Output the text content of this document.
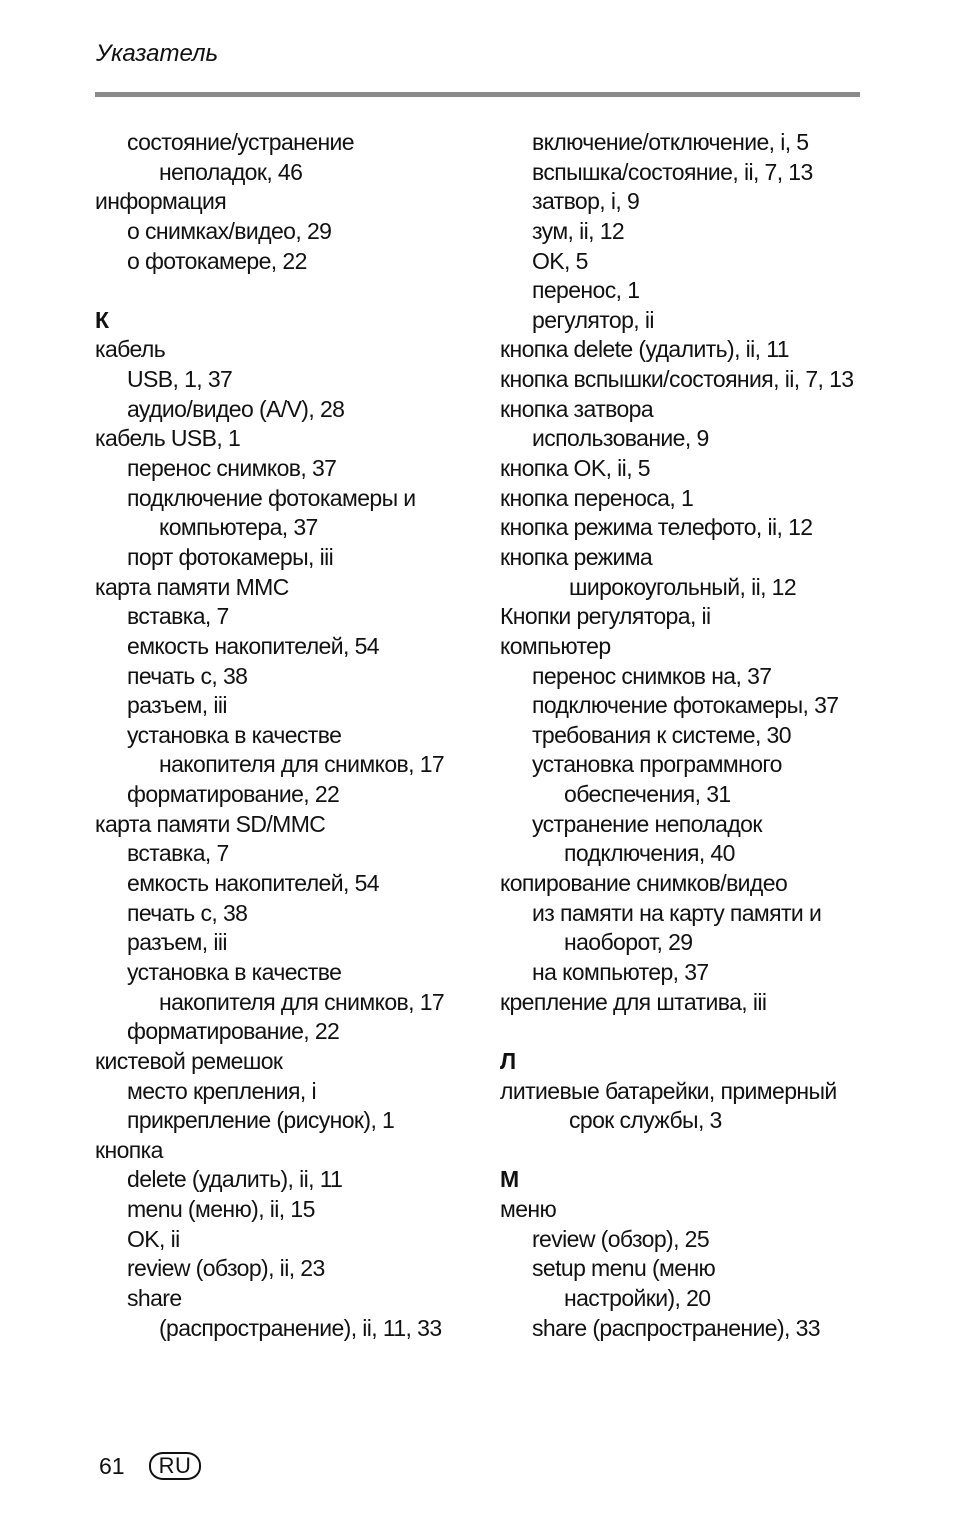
Указатель
состояние/устранение
неполадок, 46
информация
о снимках/видео, 29
о фотокамере, 22
К
кабель
USB, 1, 37
аудио/видео (A/V), 28
кабель USB, 1
перенос снимков, 37
подключение фотокамеры и
компьютера, 37
порт фотокамеры, iii
карта памяти MMC
вставка, 7
емкость накопителей, 54
печать с, 38
разъем, iii
установка в качестве
накопителя для снимков, 17
форматирование, 22
карта памяти SD/MMC
вставка, 7
емкость накопителей, 54
печать с, 38
разъем, iii
установка в качестве
накопителя для снимков, 17
форматирование, 22
кистевой ремешок
место крепления, i
прикрепление (рисунок), 1
кнопка
delete (удалить), ii, 11
menu (меню), ii, 15
OK, ii
review (обзор), ii, 23
share
(распространение), ii, 11, 33
включение/отключение, i, 5
вспышка/состояние, ii, 7, 13
затвор, i, 9
зум, ii, 12
OK, 5
перенос, 1
регулятор, ii
кнопка delete (удалить), ii, 11
кнопка вспышки/состояния, ii, 7, 13
кнопка затвора
использование, 9
кнопка OK, ii, 5
кнопка переноса, 1
кнопка режима телефото, ii, 12
кнопка режима
широкоугольный, ii, 12
Кнопки регулятора, ii
компьютер
перенос снимков на, 37
подключение фотокамеры, 37
требования к системе, 30
установка программного
обеспечения, 31
устранение неполадок
подключения, 40
копирование снимков/видео
из памяти на карту памяти и
наоборот, 29
на компьютер, 37
крепление для штатива, iii
Л
литиевые батарейки, примерный
срок службы, 3
М
меню
review (обзор), 25
setup menu (меню
настройки), 20
share (распространение), 33
61	RU
